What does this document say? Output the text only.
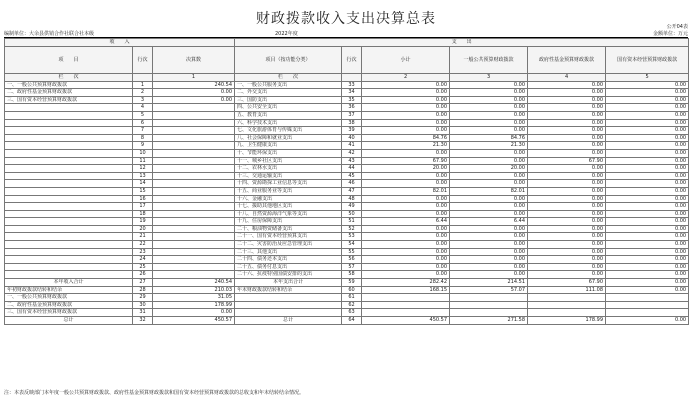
财政拨款收入支出决算总表	公开04表
编制单位：大余县供销合作社联合社本级	2022年度	金额单位：万元
收　　入			支　　出					
项　　目	行次	决算数	项目（按功能分类）	行次	小计	一般公共预算财政拨款	政府性基金预算财政拨款	国有资本经营预算财政拨款
栏　　次		1	栏　　次		2	3	4	5
一、一般公共预算财政拨款	1	240.54	一、一般公共服务支出	33	0.00	0.00	0.00	0.00
二、政府性基金预算财政拨款	2	0.00	二、外交支出	34	0.00	0.00	0.00	0.00
三、国有资本经营预算财政拨款	3	0.00	三、国防支出	35	0.00	0.00	0.00	0.00
	4		四、公共安全支出	36	0.00	0.00	0.00	0.00
	5		五、教育支出	37	0.00	0.00	0.00	0.00
	6		六、科学技术支出	38	0.00	0.00	0.00	0.00
	7		七、文化旅游体育与传媒支出	39	0.00	0.00	0.00	0.00
	8		八、社会保障和就业支出	40	84.76	84.76	0.00	0.00
	9		九、卫生健康支出	41	21.30	21.30	0.00	0.00
	10		十、节能环保支出	42	0.00	0.00	0.00	0.00
	11		十一、城乡社区支出	43	67.90	0.00	67.90	0.00
	12		十二、农林水支出	44	20.00	20.00	0.00	0.00
	13		十三、交通运输支出	45	0.00	0.00	0.00	0.00
	14		十四、资源勘探工业信息等支出	46	0.00	0.00	0.00	0.00
	15		十五、商业服务业等支出	47	82.01	82.01	0.00	0.00
	16		十六、金融支出	48	0.00	0.00	0.00	0.00
	17		十七、援助其他地区支出	49	0.00	0.00	0.00	0.00
	18		十八、自然资源海洋气象等支出	50	0.00	0.00	0.00	0.00
	19		十九、住房保障支出	51	6.44	6.44	0.00	0.00
	20		二十、粮油物资储备支出	52	0.00	0.00	0.00	0.00
	21		二十一、国有资本经营预算支出	53	0.00	0.00	0.00	0.00
	22		二十二、灾害防治及应急管理支出	54	0.00	0.00	0.00	0.00
	23		二十三、其他支出	55	0.00	0.00	0.00	0.00
	24		二十四、债务还本支出	56	0.00	0.00	0.00	0.00
	25		二十五、债务付息支出	57	0.00	0.00	0.00	0.00
	26		二十六、抗疫特别国债安排的支出	58	0.00	0.00	0.00	0.00
本年收入合计	27	240.54	本年支出合计	59	282.42	214.51	67.90	0.00
年初财政拨款结转和结余	28	210.03	年末财政拨款结转和结余	60	168.15	57.07	111.08	0.00
一、一般公共预算财政拨款	29	31.05		61				
二、政府性基金预算财政拨款	30	178.99		62				
三、国有资本经营预算财政拨款	31	0.00		63				
总计	32	450.57	总计	64	450.57	271.58	178.99	0.00
注：本表反映部门本年度一般公共预算财政拨款、政府性基金预算财政拨款和国有资本经营预算财政拨款的总收支和年末结转结余情况。
